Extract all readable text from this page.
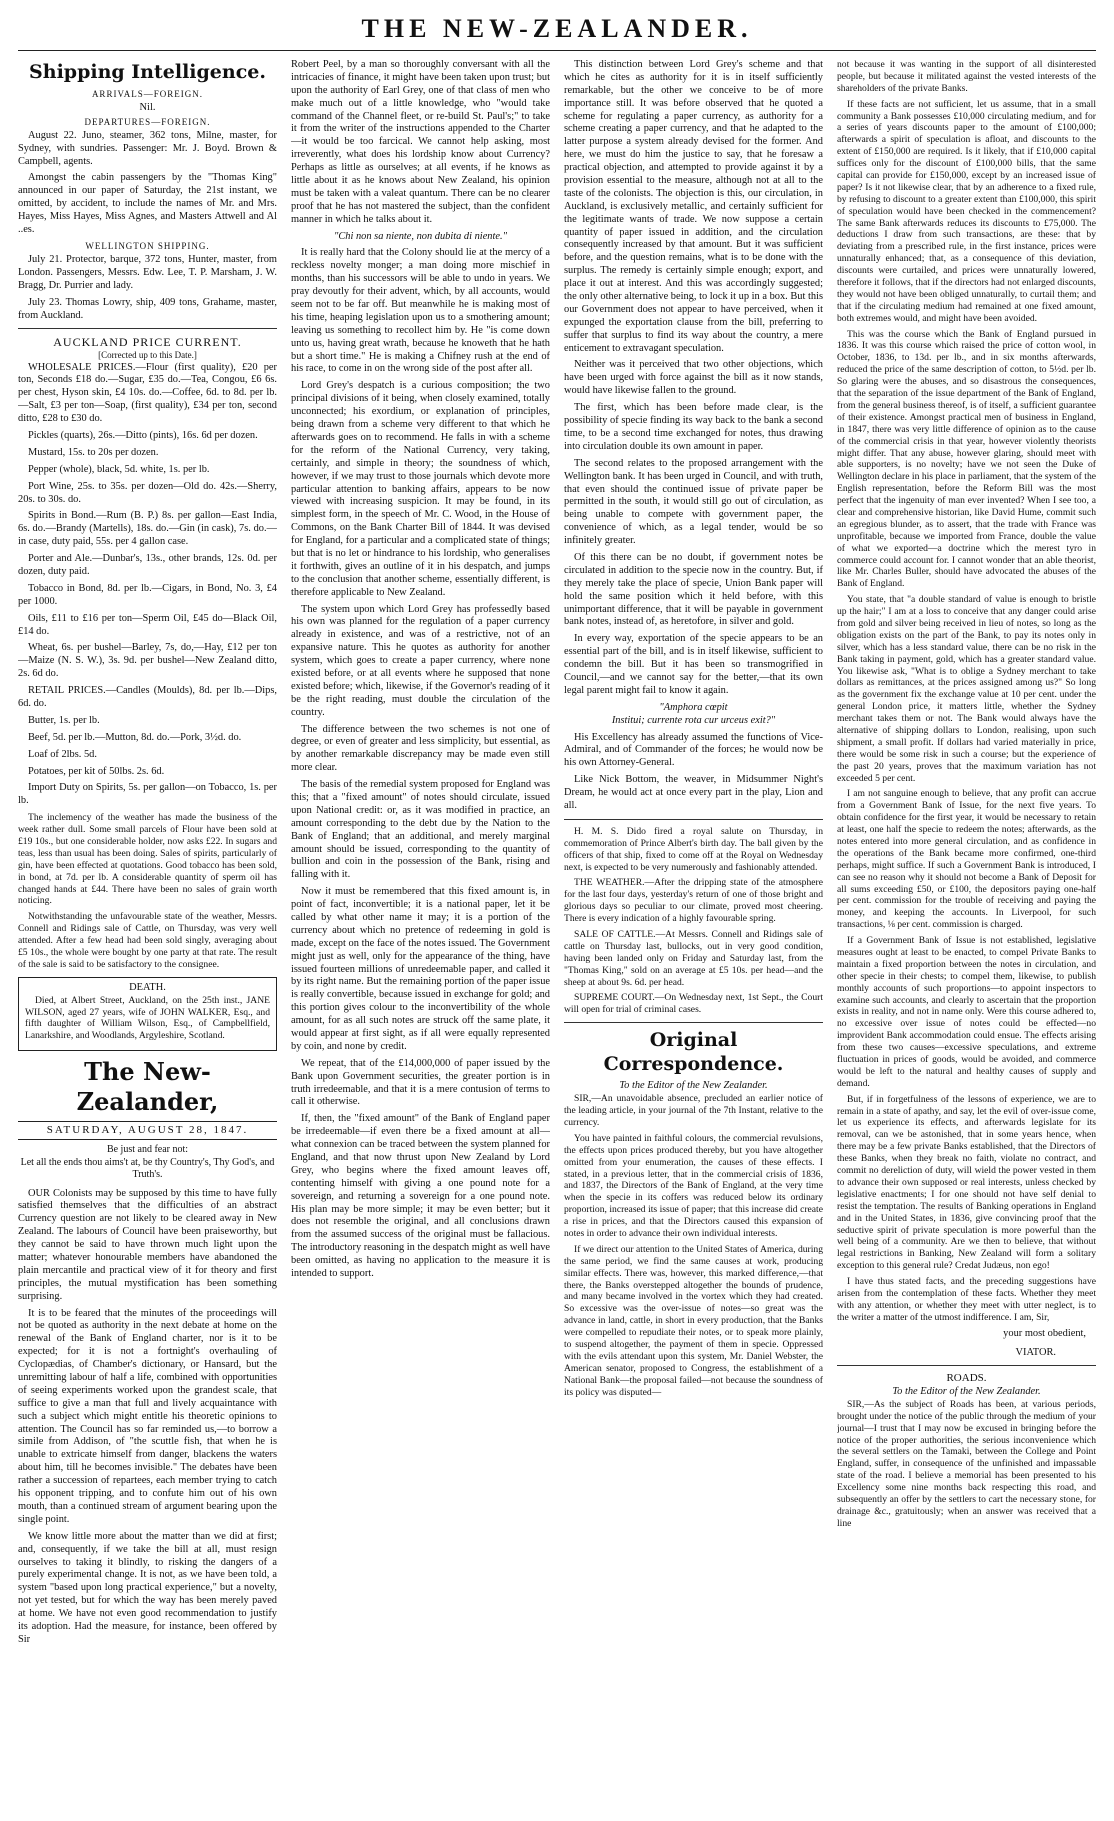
THE NEW-ZEALANDER.
Shipping Intelligence.
ARRIVALS—FOREIGN.
Nil.
DEPARTURES—FOREIGN.

August 22. Juno, steamer, 362 tons, Milne, master, for Sydney, with sundries. Passenger: Mr. J. Boyd. Brown & Campbell, agents.

Amongst the cabin passengers by the "Thomas King" announced in our paper of Saturday, the 21st instant, we omitted, by accident, to include the names of Mr. and Mrs. Hayes, Miss Hayes, Miss Agnes, and Masters Attwell and Al ..es.

WELLINGTON SHIPPING.

July 21. Protector, barque, 372 tons, Hunter, master, from London. Passengers, Messrs. Edw. Lee, T. P. Marsham, J. W. Bragg, Dr. Purrier and lady.

July 23. Thomas Lowry, ship, 409 tons, Grahame, master, from Auckland.

AUCKLAND PRICE CURRENT.
[Corrected up to this Date.]

WHOLESALE PRICES.—Flour (first quality), £20 per ton, Seconds £18 do.—Sugar, £35 do.—Tea, Congou, £6 6s. per chest, Hyson skin, £4 10s. do.—Coffee, 6d. to 8d. per lb.—Salt, £3 per ton—Soap, (first quality), £34 per ton, second ditto, £28 to £30 do.

Pickles (quarts), 26s.—Ditto (pints), 16s. 6d per dozen.

Mustard, 15s. to 20s per dozen.

Pepper (whole), black, 5d. white, 1s. per lb.

Port Wine, 25s. to 35s. per dozen—Old do. 42s.—Sherry, 20s. to 30s. do.

Spirits in Bond.—Rum (B. P.) 8s. per gallon—East India, 6s. do.—Brandy (Martells), 18s. do.—Gin (in cask), 7s. do.—in case, duty paid, 55s. per 4 gallon case.

Porter and Ale.—Dunbar's, 13s., other brands, 12s. 0d. per dozen, duty paid.

Tobacco in Bond, 8d. per lb.—Cigars, in Bond, No. 3, £4 per 1000.

Oils, £11 to £16 per ton—Sperm Oil, £45 do—Black Oil, £14 do.

Wheat, 6s. per bushel—Barley, 7s, do,—Hay, £12 per ton—Maize (N. S. W.), 3s. 9d. per bushel—New Zealand ditto, 2s. 6d do.

RETAIL PRICES.—Candles (Moulds), 8d. per lb.—Dips, 6d. do.

Butter, 1s. per lb.

Beef, 5d. per lb.—Mutton, 8d. do.—Pork, 3½d. do.

Loaf of 2lbs. 5d.

Potatoes, per kit of 50lbs. 2s. 6d.

Import Duty on Spirits, 5s. per gallon—on Tobacco, 1s. per lb.

The inclemency of the weather has made the business of the week rather dull. Some small parcels of Flour have been sold at £19 10s., but one considerable holder, now asks £22. In sugars and teas, less than usual has been doing. Sales of spirits, particularly of gin, have been effected at quotations. Good tobacco has been sold, in bond, at 7d. per lb. A considerable quantity of sperm oil has changed hands at £44. There have been no sales of grain worth noticing.

Notwithstanding the unfavourable state of the weather, Messrs. Connell and Ridings sale of Cattle, on Thursday, was very well attended. After a few head had been sold singly, averaging about £5 10s., the whole were bought by one party at that rate. The result of the sale is said to be satisfactory to the consignee.

DEATH.

Died, at Albert Street, Auckland, on the 25th inst., JANE WILSON, aged 27 years, wife of JOHN WALKER, Esq., and fifth daughter of William Wilson, Esq., of Campbellfield, Lanarkshire, and Woodlands, Argyleshire, Scotland.

The New-Zealander,
SATURDAY, AUGUST 28, 1847.
Be just and fear not:
Let all the ends thou aims't at, be thy Country's, Thy God's, and Truth's.

OUR Colonists may be supposed by this time to have fully satisfied themselves that the difficulties of an abstract Currency question are not likely to be cleared away in New Zealand. The labours of Council have been praiseworthy, but they cannot be said to have thrown much light upon the matter; whatever honourable members have abandoned the plain mercantile and practical view of it for theory and first principles, the mutual mystification has been something surprising.

It is to be feared that the minutes of the proceedings will not be quoted as authority in the next debate at home on the renewal of the Bank of England charter, nor is it to be expected; for it is not a fortnight's overhauling of Cyclopædias, of Chamber's dictionary, or Hansard, but the unremitting labour of half a life, combined with opportunities of seeing experiments worked upon the grandest scale, that suffice to give a man that full and lively acquaintance with such a subject which might entitle his theoretic opinions to attention. The Council has so far reminded us,—to borrow a simile from Addison, of "the scuttle fish, that when he is unable to extricate himself from danger, blackens the waters about him, till he becomes invisible." The debates have been rather a succession of repartees, each member trying to catch his opponent tripping, and to confute him out of his own mouth, than a continued stream of argument bearing upon the single point.

We know little more about the matter than we did at first; and, consequently, if we take the bill at all, must resign ourselves to taking it blindly, to risking the dangers of a purely experimental change. It is not, as we have been told, a system "based upon long practical experience," but a novelty, not yet tested, but for which the way has been merely paved at home. We have not even good recommendation to justify its adoption. Had the measure, for instance, been offered by Sir

Robert Peel, by a man so thoroughly conversant with all the intricacies of finance, it might have been taken upon trust; but upon the authority of Earl Grey, one of that class of men who make much out of a little knowledge, who "would take command of the Channel fleet, or re-build St. Paul's;" to take it from the writer of the instructions appended to the Charter—it would be too farcical. We cannot help asking, most irreverently, what does his lordship know about Currency? Perhaps as little as ourselves; at all events, if he knows as little about it as he knows about New Zealand, his opinion must be taken with a valeat quantum. There can be no clearer proof that he has not mastered the subject, than the confident manner in which he talks about it.

"Chi non sa niente, non dubita di niente."

It is really hard that the Colony should lie at the mercy of a reckless novelty monger; a man doing more mischief in months, than his successors will be able to undo in years. We pray devoutly for their advent, which, by all accounts, would seem not to be far off. But meanwhile he is making most of his time, heaping legislation upon us to a smothering amount; leaving us something to recollect him by. He "is come down unto us, having great wrath, because he knoweth that he hath but a short time." He is making a Chifney rush at the end of his race, to come in on the wrong side of the post after all.

Lord Grey's despatch is a curious composition; the two principal divisions of it being, when closely examined, totally unconnected; his exordium, or explanation of principles, being drawn from a scheme very different to that which he afterwards goes on to recommend. He falls in with a scheme for the reform of the National Currency, very taking, certainly, and simple in theory; the soundness of which, however, if we may trust to those journals which devote more particular attention to banking affairs, appears to be now viewed with increasing suspicion. It may be found, in its simplest form, in the speech of Mr. C. Wood, in the House of Commons, on the Bank Charter Bill of 1844. It was devised for England, for a particular and a complicated state of things; but that is no let or hindrance to his lordship, who generalises it forthwith, gives an outline of it in his despatch, and jumps to the conclusion that another scheme, essentially different, is therefore applicable to New Zealand.

The system upon which Lord Grey has professedly based his own was planned for the regulation of a paper currency already in existence, and was of a restrictive, not of an expansive nature. This he quotes as authority for another system, which goes to create a paper currency, where none existed before, or at all events where he supposed that none existed before; which, likewise, if the Governor's reading of it be the right reading, must double the circulation of the country.

The difference between the two schemes is not one of degree, or even of greater and less simplicity, but essential, as by another remarkable discrepancy may be made even still more clear.

The basis of the remedial system proposed for England was this; that a "fixed amount" of notes should circulate, issued upon National credit: or, as it was modified in practice, an amount corresponding to the debt due by the Nation to the Bank of England; that an additional, and merely marginal amount should be issued, corresponding to the quantity of bullion and coin in the possession of the Bank, rising and falling with it.

Now it must be remembered that this fixed amount is, in point of fact, inconvertible; it is a national paper, let it be called by what other name it may; it is a portion of the currency about which no pretence of redeeming in gold is made, except on the face of the notes issued. The Government might just as well, only for the appearance of the thing, have issued fourteen millions of unredeemable paper, and called it by its right name. But the remaining portion of the paper issue is really convertible, because issued in exchange for gold; and this portion gives colour to the inconvertibility of the whole amount, for as all such notes are struck off the same plate, it would appear at first sight, as if all were equally represented by coin, and none by credit.

We repeat, that of the £14,000,000 of paper issued by the Bank upon Government securities, the greater portion is in truth irredeemable, and that it is a mere contusion of terms to call it otherwise.

If, then, the "fixed amount" of the Bank of England paper be irredeemable—if even there be a fixed amount at all—what connexion can be traced between the system planned for England, and that now thrust upon New Zealand by Lord Grey, who begins where the fixed amount leaves off, contenting himself with giving a one pound note for a sovereign, and returning a sovereign for a one pound note. His plan may be more simple; it may be even better; but it does not resemble the original, and all conclusions drawn from the assumed success of the original must be fallacious. The introductory reasoning in the despatch might as well have been omitted, as having no application to the measure it is intended to support.

This distinction between Lord Grey's scheme and that which he cites as authority for it is in itself sufficiently remarkable, but the other we conceive to be of more importance still. It was before observed that he quoted a scheme for regulating a paper currency, as authority for a scheme creating a paper currency, and that he adapted to the latter purpose a system already devised for the former. And here, we must do him the justice to say, that he foresaw a practical objection, and attempted to provide against it by a provision essential to the measure, although not at all to the taste of the colonists. The objection is this, our circulation, in Auckland, is exclusively metallic, and certainly sufficient for the legitimate wants of trade. We now suppose a certain quantity of paper issued in addition, and the circulation consequently increased by that amount. But it was sufficient before, and the question remains, what is to be done with the surplus. The remedy is certainly simple enough; export, and place it out at interest. And this was accordingly suggested; the only other alternative being, to lock it up in a box. But this our Government does not appear to have perceived, when it expunged the exportation clause from the bill, preferring to suffer that surplus to find its way about the country, a mere enticement to extravagant speculation.

Neither was it perceived that two other objections, which have been urged with force against the bill as it now stands, would have likewise fallen to the ground.

The first, which has been before made clear, is the possibility of specie finding its way back to the bank a second time, to be a second time exchanged for notes, thus drawing into circulation double its own amount in paper.

The second relates to the proposed arrangement with the Wellington bank. It has been urged in Council, and with truth, that even should the continued issue of private paper be permitted in the south, it would still go out of circulation, as being unable to compete with government paper, the convenience of which, as a legal tender, would be so infinitely greater.

Of this there can be no doubt, if government notes be circulated in addition to the specie now in the country. But, if they merely take the place of specie, Union Bank paper will hold the same position which it held before, with this unimportant difference, that it will be payable in government bank notes, instead of, as heretofore, in silver and gold.

In every way, exportation of the specie appears to be an essential part of the bill, and is in itself likewise, sufficient to condemn the bill. But it has been so transmogrified in Council,—and we cannot say for the better,—that its own legal parent might fail to know it again.

"Amphora cœpit
Institui; currente rota cur urceus exit?"

His Excellency has already assumed the functions of Vice-Admiral, and of Commander of the forces; he would now be his own Attorney-General.

Like Nick Bottom, the weaver, in Midsummer Night's Dream, he would act at once every part in the play, Lion and all.

H. M. S. Dido fired a royal salute on Thursday, in commemoration of Prince Albert's birth day. The ball given by the officers of that ship, fixed to come off at the Royal on Wednesday next, is expected to be very numerously and fashionably attended.

THE WEATHER.—After the dripping state of the atmosphere for the last four days, yesterday's return of one of those bright and glorious days so peculiar to our climate, proved most cheering. There is every indication of a highly favourable spring.

SALE OF CATTLE.—At Messrs. Connell and Ridings sale of cattle on Thursday last, bullocks, out in very good condition, having been landed only on Friday and Saturday last, from the "Thomas King," sold on an average at £5 10s. per head—and the sheep at about 9s. 6d. per head.

SUPREME COURT.—On Wednesday next, 1st Sept., the Court will open for trial of criminal cases.

Original Correspondence.
To the Editor of the New Zealander.

SIR,—An unavoidable absence, precluded an earlier notice of the leading article, in your journal of the 7th Instant, relative to the currency.

You have painted in faithful colours, the commercial revulsions, the effects upon prices produced thereby, but you have altogether omitted from your enumeration, the causes of these effects. I stated, in a previous letter, that in the commercial crisis of 1836, and 1837, the Directors of the Bank of England, at the very time when the specie in its coffers was reduced below its ordinary proportion, increased its issue of paper; that this increase did create a rise in prices, and that the Directors caused this expansion of notes in order to advance their own individual interests.

If we direct our attention to the United States of America, during the same period, we find the same causes at work, producing similar effects. There was, however, this marked difference,—that there, the Banks overstepped altogether the bounds of prudence, and many became involved in the vortex which they had created. So excessive was the over-issue of notes—so great was the advance in land, cattle, in short in every production, that the Banks were compelled to repudiate their notes, or to speak more plainly, to suspend altogether, the payment of them in specie. Oppressed with the evils attendant upon this system, Mr. Daniel Webster, the American senator, proposed to Congress, the establishment of a National Bank—the proposal failed—not because the soundness of its policy was disputed—

not because it was wanting in the support of all disinterested people, but because it militated against the vested interests of the shareholders of the private Banks.

If these facts are not sufficient, let us assume, that in a small community a Bank possesses £10,000 circulating medium, and for a series of years discounts paper to the amount of £100,000; afterwards a spirit of speculation is afloat, and discounts to the extent of £150,000 are required. Is it likely, that if £10,000 capital suffices only for the discount of £100,000 bills, that the same capital can provide for £150,000, except by an increased issue of paper? Is it not likewise clear, that by an adherence to a fixed rule, by refusing to discount to a greater extent than £100,000, this spirit of speculation would have been checked in the commencement? The same Bank afterwards reduces its discounts to £75,000. The deductions I draw from such transactions, are these: that by deviating from a prescribed rule, in the first instance, prices were unnaturally enhanced; that, as a consequence of this deviation, discounts were curtailed, and prices were unnaturally lowered, therefore it follows, that if the directors had not enlarged discounts, they would not have been obliged unnaturally, to curtail them; and that if the circulating medium had remained at one fixed amount, both extremes would, and might have been avoided.

This was the course which the Bank of England pursued in 1836. It was this course which raised the price of cotton wool, in October, 1836, to 13d. per lb., and in six months afterwards, reduced the price of the same description of cotton, to 5½d. per lb. So glaring were the abuses, and so disastrous the consequences, that the separation of the issue department of the Bank of England, from the general business thereof, is of itself, a sufficient guarantee of their existence. Amongst practical men of business in England, in 1847, there was very little difference of opinion as to the cause of the commercial crisis in that year, however violently theorists might differ. That any abuse, however glaring, should meet with able supporters, is no novelty; have we not seen the Duke of Wellington declare in his place in parliament, that the system of the English representation, before the Reform Bill was the most perfect that the ingenuity of man ever invented? When I see too, a clear and comprehensive historian, like David Hume, commit such an egregious blunder, as to assert, that the trade with France was unprofitable, because we imported from France, double the value of what we exported—a doctrine which the merest tyro in commerce could account for. I cannot wonder that an able theorist, like Mr. Charles Buller, should have advocated the abuses of the Bank of England.

You state, that "a double standard of value is enough to bristle up the hair;" I am at a loss to conceive that any danger could arise from gold and silver being received in lieu of notes, so long as the obligation exists on the part of the Bank, to pay its notes only in silver, which has a less standard value, there can be no risk in the Bank taking in payment, gold, which has a greater standard value. You likewise ask, "What is to oblige a Sydney merchant to take dollars as remittances, at the prices assigned among us?" So long as the government fix the exchange value at 10 per cent. under the general London price, it matters little, whether the Sydney merchant takes them or not. The Bank would always have the alternative of shipping dollars to London, realising, upon such shipment, a small profit. If dollars had varied materially in price, there would be some risk in such a course; but the experience of the past 20 years, proves that the maximum variation has not exceeded 5 per cent.

I am not sanguine enough to believe, that any profit can accrue from a Government Bank of Issue, for the next five years. To obtain confidence for the first year, it would be necessary to retain at least, one half the specie to redeem the notes; afterwards, as the notes entered into more general circulation, and as confidence in the operations of the Bank became more confirmed, one-third perhaps, might suffice. If such a Government Bank is introduced, I can see no reason why it should not become a Bank of Deposit for all sums exceeding £50, or £100, the depositors paying one-half per cent. commission for the trouble of receiving and paying the money, and keeping the accounts. In Liverpool, for such transactions, ⅛ per cent. commission is charged.

If a Government Bank of Issue is not established, legislative measures ought at least to be enacted, to compel Private Banks to maintain a fixed proportion between the notes in circulation, and other specie in their chests; to compel them, likewise, to publish monthly accounts of such proportions—to appoint inspectors to examine such accounts, and clearly to ascertain that the proportion exists in reality, and not in name only. Were this course adhered to, no excessive over issue of notes could be effected—no improvident Bank accommodation could ensue. The effects arising from these two causes—excessive speculations, and extreme fluctuation in prices of goods, would be avoided, and commerce would be left to the natural and healthy causes of supply and demand.

But, if in forgetfulness of the lessons of experience, we are to remain in a state of apathy, and say, let the evil of over-issue come, let us experience its effects, and afterwards legislate for its removal, can we be astonished, that in some years hence, when there may be a few private Banks established, that the Directors of these Banks, when they break no faith, violate no contract, and commit no dereliction of duty, will wield the power vested in them to advance their own supposed or real interests, unless checked by legislative enactments; I for one should not have self denial to resist the temptation. The results of Banking operations in England and in the United States, in 1836, give convincing proof that the seductive spirit of private speculation is more powerful than the well being of a community. Are we then to believe, that without legal restrictions in Banking, New Zealand will form a solitary exception to this general rule? Credat Judæus, non ego!

I have thus stated facts, and the preceding suggestions have arisen from the contemplation of these facts. Whether they meet with any attention, or whether they meet with utter neglect, is to the writer a matter of the utmost indifference. I am, Sir,

your most obedient,
VIATOR.
ROADS.
To the Editor of the New Zealander.

SIR,—As the subject of Roads has been, at various periods, brought under the notice of the public through the medium of your journal—I trust that I may now be excused in bringing before the notice of the proper authorities, the serious inconvenience which the several settlers on the Tamaki, between the College and Point England, suffer, in consequence of the unfinished and impassable state of the road. I believe a memorial has been presented to his Excellency some nine months back respecting this road, and subsequently an offer by the settlers to cart the necessary stone, for drainage &c., gratuitously; when an answer was received that a line
